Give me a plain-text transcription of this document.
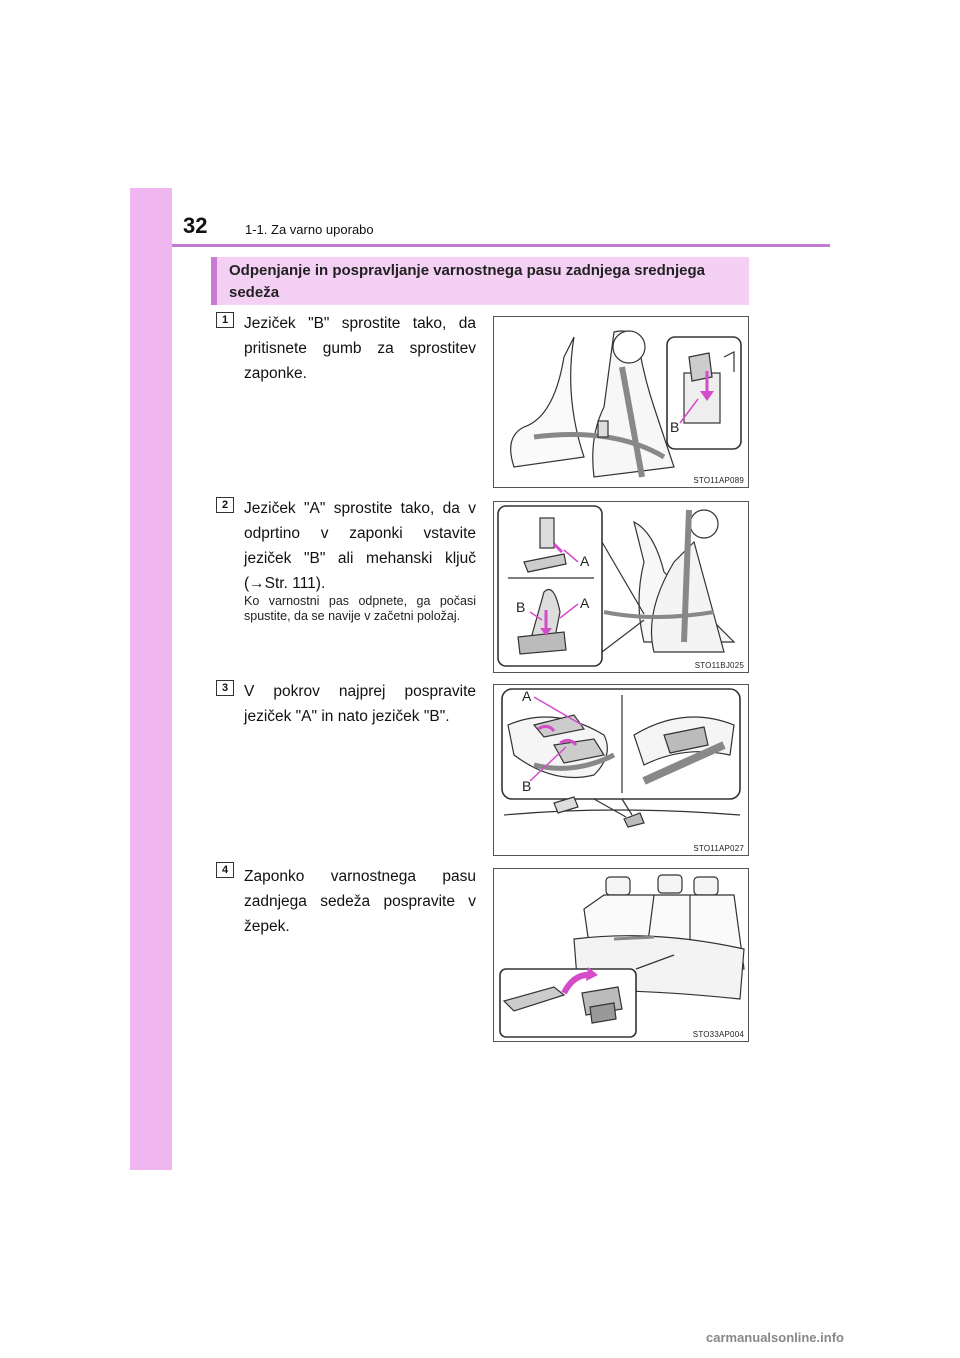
32	1-1. Za varno uporabo
Odpenjanje in pospravljanje varnostnega pasu zadnjega srednjega sedeža
1	Jeziček "B" sprostite tako, da pritisnete gumb za sprostitev zaponke.
B
STO11AP089
2	Jeziček "A" sprostite tako, da v odprtino v zaponki vstavite jeziček "B" ali mehanski ključ (→Str. 111).
Ko varnostni pas odpnete, ga počasi spustite, da se navije v začetni položaj.
A
B	A
STO11BJ025
3	V pokrov najprej pospravite jeziček "A" in nato jeziček "B".
A
B
STO11AP027
4	Zaponko varnostnega pasu zadnjega sedeža pospravite v žepek.
STO33AP004
carmanualsonline.info
